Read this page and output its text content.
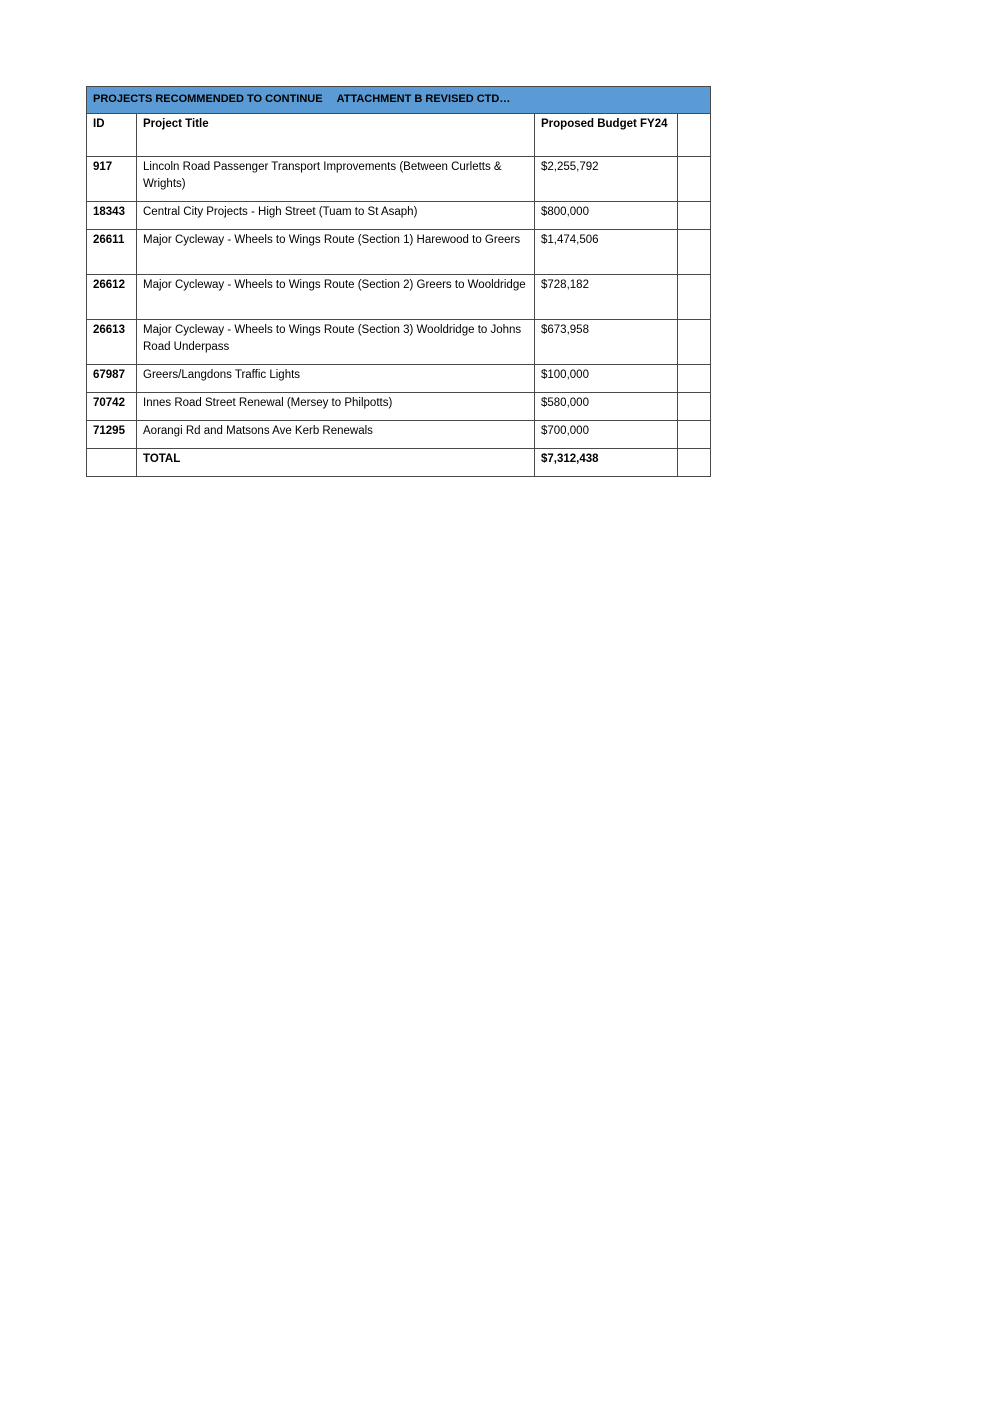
PROJECTS RECOMMENDED TO CONTINUE ATTACHMENT B REVISED CTD…			
ID	Project Title	Proposed Budget FY24	
917	Lincoln Road Passenger Transport Improvements (Between Curletts & Wrights)	$2,255,792	
18343	Central City Projects - High Street (Tuam to St Asaph)	$800,000	
26611	Major Cycleway - Wheels to Wings Route (Section 1) Harewood to Greers	$1,474,506	
26612	Major Cycleway - Wheels to Wings Route (Section 2) Greers to Wooldridge	$728,182	
26613	Major Cycleway - Wheels to Wings Route (Section 3) Wooldridge to Johns Road Underpass	$673,958	
67987	Greers/Langdons Traffic Lights	$100,000	
70742	Innes Road Street Renewal (Mersey to Philpotts)	$580,000	
71295	Aorangi Rd and Matsons Ave Kerb Renewals	$700,000	
	TOTAL	$7,312,438	
